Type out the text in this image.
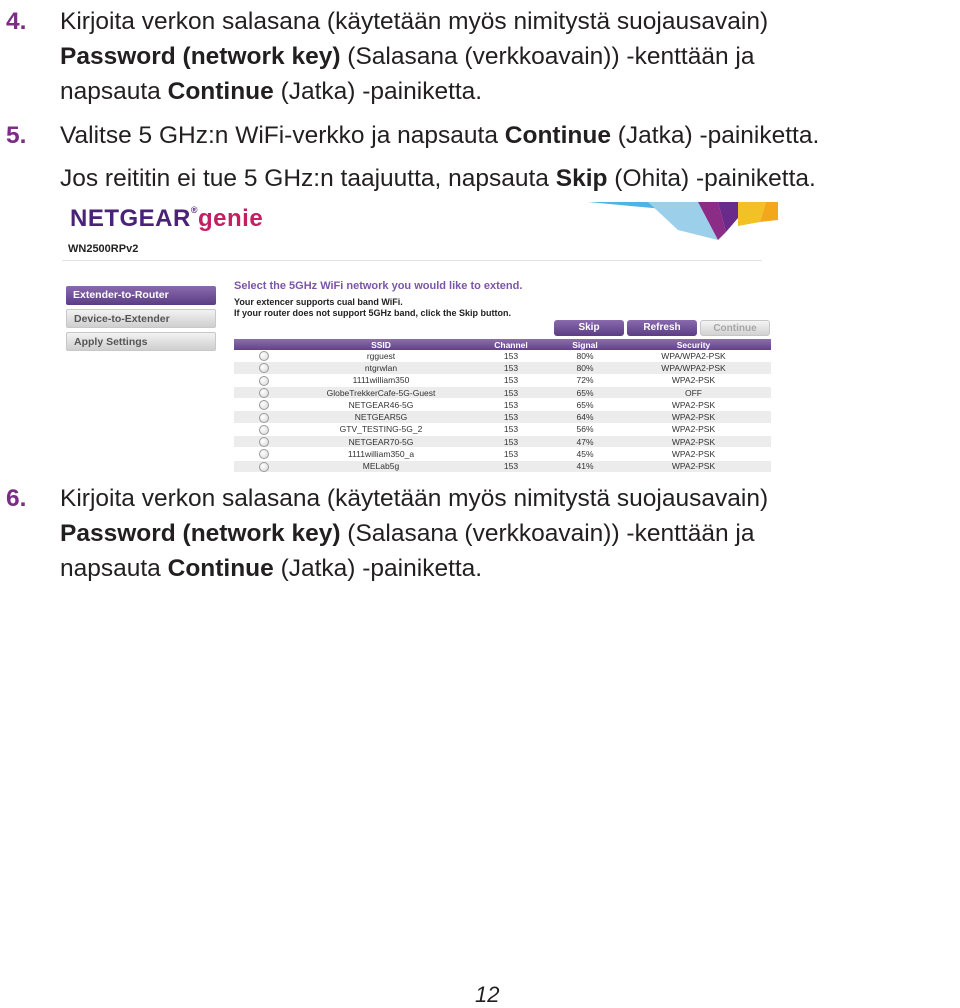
4. Kirjoita verkon salasana (käytetään myös nimitystä suojausavain)
Password (network key) (Salasana (verkkoavain)) -kenttään ja
napsauta Continue (Jatka) -painiketta.
5. Valitse 5 GHz:n WiFi-verkko ja napsauta Continue (Jatka) -painiketta.
Jos reititin ei tue 5 GHz:n taajuutta, napsauta Skip (Ohita) -painiketta.
NETGEAR®genie
WN2500RPv2
Extender-to-Router
Device-to-Extender
Apply Settings
Select the 5GHz WiFi network you would like to extend.
Your extencer supports cual band WiFi.
If your router does not support 5GHz band, click the Skip button.
Skip	Refresh	Continue
	SSID	Channel	Signal	Security
	rgguest	153	80%	WPA/WPA2-PSK
	ntgrwlan	153	80%	WPA/WPA2-PSK
	1111william350	153	72%	WPA2-PSK
	GlobeTrekkerCafe-5G-Guest	153	65%	OFF
	NETGEAR46-5G	153	65%	WPA2-PSK
	NETGEAR5G	153	64%	WPA2-PSK
	GTV_TESTING-5G_2	153	56%	WPA2-PSK
	NETGEAR70-5G	153	47%	WPA2-PSK
	1111william350_a	153	45%	WPA2-PSK
	MELab5g	153	41%	WPA2-PSK
6. Kirjoita verkon salasana (käytetään myös nimitystä suojausavain)
Password (network key) (Salasana (verkkoavain)) -kenttään ja
napsauta Continue (Jatka) -painiketta.
12
